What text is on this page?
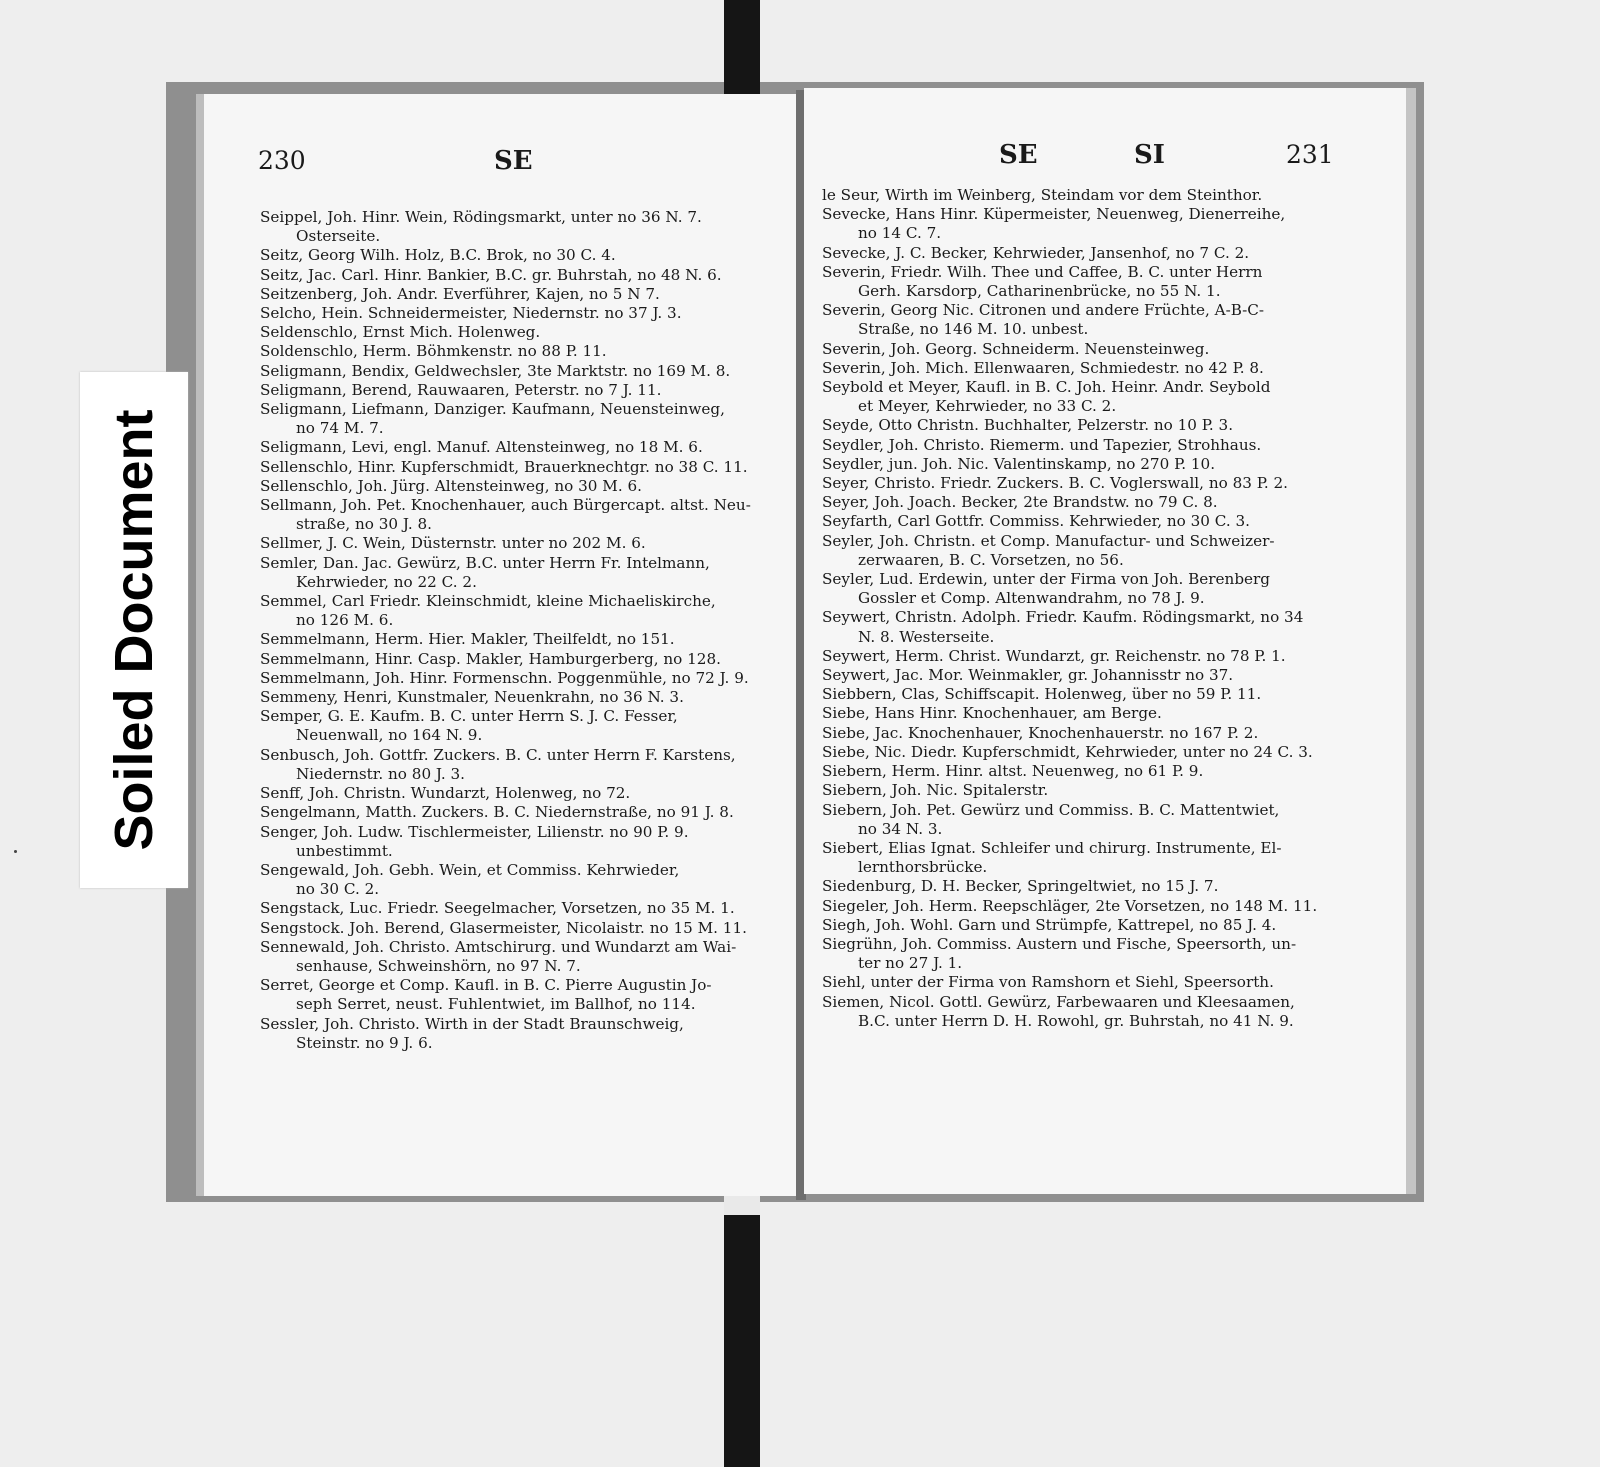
230	SE
Seippel, Joh. Hinr. Wein, Rödingsmarkt, unter no 36 N. 7.
Osterseite.
Seitz, Georg Wilh. Holz, B.C. Brok, no 30 C. 4.
Seitz, Jac. Carl. Hinr. Bankier, B.C. gr. Buhrstah, no 48 N. 6.
Seitzenberg, Joh. Andr. Everführer, Kajen, no 5 N 7.
Selcho, Hein. Schneidermeister, Niedernstr. no 37 J. 3.
Seldenschlo, Ernst Mich. Holenweg.
Soldenschlo, Herm. Böhmkenstr. no 88 P. 11.
Seligmann, Bendix, Geldwechsler, 3te Marktstr. no 169 M. 8.
Seligmann, Berend, Rauwaaren, Peterstr. no 7 J. 11.
Seligmann, Liefmann, Danziger. Kaufmann, Neuensteinweg,
no 74 M. 7.
Seligmann, Levi, engl. Manuf. Altensteinweg, no 18 M. 6.
Sellenschlo, Hinr. Kupferschmidt, Brauerknechtgr. no 38 C. 11.
Sellenschlo, Joh. Jürg. Altensteinweg, no 30 M. 6.
Sellmann, Joh. Pet. Knochenhauer, auch Bürgercapt. altst. Neu-
straße, no 30 J. 8.
Sellmer, J. C. Wein, Düsternstr. unter no 202 M. 6.
Semler, Dan. Jac. Gewürz, B.C. unter Herrn Fr. Intelmann,
Kehrwieder, no 22 C. 2.
Semmel, Carl Friedr. Kleinschmidt, kleine Michaeliskirche,
no 126 M. 6.
Semmelmann, Herm. Hier. Makler, Theilfeldt, no 151.
Semmelmann, Hinr. Casp. Makler, Hamburgerberg, no 128.
Semmelmann, Joh. Hinr. Formenschn. Poggenmühle, no 72 J. 9.
Semmeny, Henri, Kunstmaler, Neuenkrahn, no 36 N. 3.
Semper, G. E. Kaufm. B. C. unter Herrn S. J. C. Fesser,
Neuenwall, no 164 N. 9.
Senbusch, Joh. Gottfr. Zuckers. B. C. unter Herrn F. Karstens,
Niedernstr. no 80 J. 3.
Senff, Joh. Christn. Wundarzt, Holenweg, no 72.
Sengelmann, Matth. Zuckers. B. C. Niedernstraße, no 91 J. 8.
Senger, Joh. Ludw. Tischlermeister, Lilienstr. no 90 P. 9.
unbestimmt.
Sengewald, Joh. Gebh. Wein, et Commiss. Kehrwieder,
no 30 C. 2.
Sengstack, Luc. Friedr. Seegelmacher, Vorsetzen, no 35 M. 1.
Sengstock. Joh. Berend, Glasermeister, Nicolaistr. no 15 M. 11.
Sennewald, Joh. Christo. Amtschirurg. und Wundarzt am Wai-
senhause, Schweinshörn, no 97 N. 7.
Serret, George et Comp. Kaufl. in B. C. Pierre Augustin Jo-
seph Serret, neust. Fuhlentwiet, im Ballhof, no 114.
Sessler, Joh. Christo. Wirth in der Stadt Braunschweig,
Steinstr. no 9 J. 6.
SE	SI	231
le Seur, Wirth im Weinberg, Steindam vor dem Steinthor.
Sevecke, Hans Hinr. Küpermeister, Neuenweg, Dienerreihe,
no 14 C. 7.
Sevecke, J. C. Becker, Kehrwieder, Jansenhof, no 7 C. 2.
Severin, Friedr. Wilh. Thee und Caffee, B. C. unter Herrn
Gerh. Karsdorp, Catharinenbrücke, no 55 N. 1.
Severin, Georg Nic. Citronen und andere Früchte, A-B-C-
Straße, no 146 M. 10. unbest.
Severin, Joh. Georg. Schneiderm. Neuensteinweg.
Severin, Joh. Mich. Ellenwaaren, Schmiedestr. no 42 P. 8.
Seybold et Meyer, Kaufl. in B. C. Joh. Heinr. Andr. Seybold
et Meyer, Kehrwieder, no 33 C. 2.
Seyde, Otto Christn. Buchhalter, Pelzerstr. no 10 P. 3.
Seydler, Joh. Christo. Riemerm. und Tapezier, Strohhaus.
Seydler, jun. Joh. Nic. Valentinskamp, no 270 P. 10.
Seyer, Christo. Friedr. Zuckers. B. C. Voglerswall, no 83 P. 2.
Seyer, Joh. Joach. Becker, 2te Brandstw. no 79 C. 8.
Seyfarth, Carl Gottfr. Commiss. Kehrwieder, no 30 C. 3.
Seyler, Joh. Christn. et Comp. Manufactur- und Schweizer-
zerwaaren, B. C. Vorsetzen, no 56.
Seyler, Lud. Erdewin, unter der Firma von Joh. Berenberg
Gossler et Comp. Altenwandrahm, no 78 J. 9.
Seywert, Christn. Adolph. Friedr. Kaufm. Rödingsmarkt, no 34
N. 8. Westerseite.
Seywert, Herm. Christ. Wundarzt, gr. Reichenstr. no 78 P. 1.
Seywert, Jac. Mor. Weinmakler, gr. Johannisstr no 37.
Siebbern, Clas, Schiffscapit. Holenweg, über no 59 P. 11.
Siebe, Hans Hinr. Knochenhauer, am Berge.
Siebe, Jac. Knochenhauer, Knochenhauerstr. no 167 P. 2.
Siebe, Nic. Diedr. Kupferschmidt, Kehrwieder, unter no 24 C. 3.
Siebern, Herm. Hinr. altst. Neuenweg, no 61 P. 9.
Siebern, Joh. Nic. Spitalerstr.
Siebern, Joh. Pet. Gewürz und Commiss. B. C. Mattentwiet,
no 34 N. 3.
Siebert, Elias Ignat. Schleifer und chirurg. Instrumente, El-
lernthorsbrücke.
Siedenburg, D. H. Becker, Springeltwiet, no 15 J. 7.
Siegeler, Joh. Herm. Reepschläger, 2te Vorsetzen, no 148 M. 11.
Siegh, Joh. Wohl. Garn und Strümpfe, Kattrepel, no 85 J. 4.
Siegrühn, Joh. Commiss. Austern und Fische, Speersorth, un-
ter no 27 J. 1.
Siehl, unter der Firma von Ramshorn et Siehl, Speersorth.
Siemen, Nicol. Gottl. Gewürz, Farbewaaren und Kleesaamen,
B.C. unter Herrn D. H. Rowohl, gr. Buhrstah, no 41 N. 9.
Soiled Document
